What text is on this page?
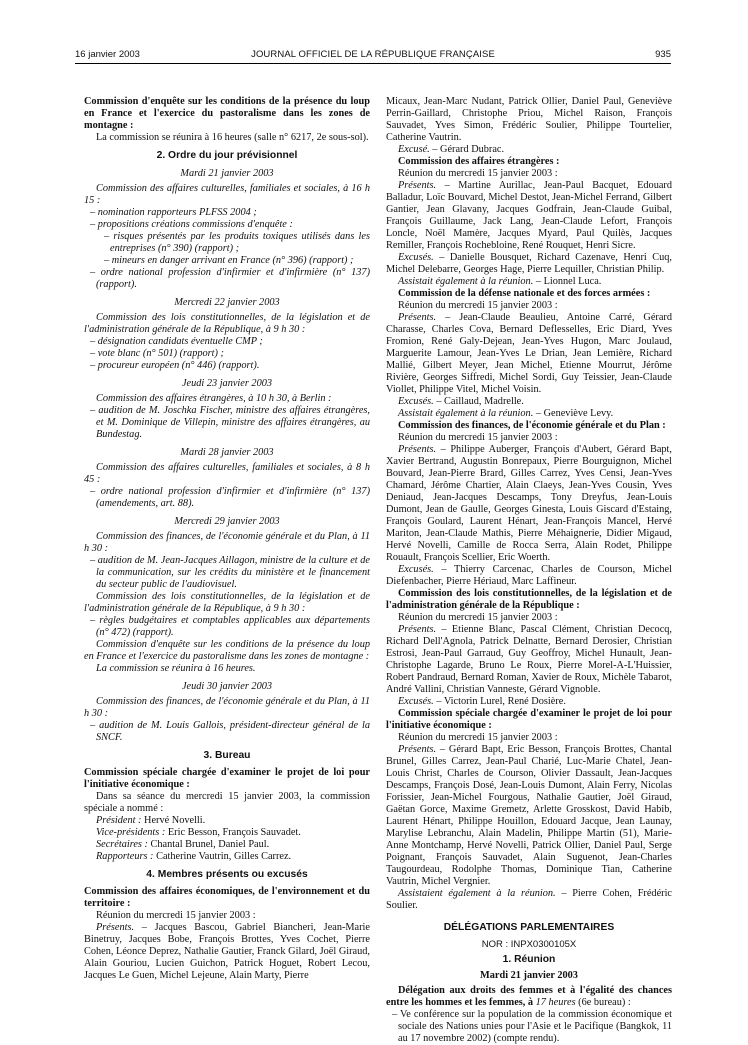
16 janvier 2003	JOURNAL OFFICIEL DE LA RÉPUBLIQUE FRANÇAISE	935

Commission d'enquête sur les conditions de la présence du loup en France et l'exercice du pastoralisme dans les zones de montagne :

La commission se réunira à 16 heures (salle n° 6217, 2e sous-sol).

2. Ordre du jour prévisionnel

Mardi 21 janvier 2003

Commission des affaires culturelles, familiales et sociales, à 16 h 15 :

– nomination rapporteurs PLFSS 2004 ;

– propositions créations commissions d'enquête :

– risques présentés par les produits toxiques utilisés dans les entreprises (n° 390) (rapport) ;

– mineurs en danger arrivant en France (n° 396) (rapport) ;

– ordre national profession d'infirmier et d'infirmière (n° 137) (rapport).

Mercredi 22 janvier 2003

Commission des lois constitutionnelles, de la législation et de l'administration générale de la République, à 9 h 30 :

– désignation candidats éventuelle CMP ;

– vote blanc (n° 501) (rapport) ;

– procureur européen (n° 446) (rapport).

Jeudi 23 janvier 2003

Commission des affaires étrangères, à 10 h 30, à Berlin :

– audition de M. Joschka Fischer, ministre des affaires étrangères, et M. Dominique de Villepin, ministre des affaires étrangères, au Bundestag.

Mardi 28 janvier 2003

Commission des affaires culturelles, familiales et sociales, à 8 h 45 :

– ordre national profession d'infirmier et d'infirmière (n° 137) (amendements, art. 88).

Mercredi 29 janvier 2003

Commission des finances, de l'économie générale et du Plan, à 11 h 30 :

– audition de M. Jean-Jacques Aillagon, ministre de la culture et de la communication, sur les crédits du ministère et le financement du secteur public de l'audiovisuel.

Commission des lois constitutionnelles, de la législation et de l'administration générale de la République, à 9 h 30 :

– règles budgétaires et comptables applicables aux départements (n° 472) (rapport).

Commission d'enquête sur les conditions de la présence du loup en France et l'exercice du pastoralisme dans les zones de montagne :

La commission se réunira à 16 heures.

Jeudi 30 janvier 2003

Commission des finances, de l'économie générale et du Plan, à 11 h 30 :

– audition de M. Louis Gallois, président-directeur général de la SNCF.

3. Bureau

Commission spéciale chargée d'examiner le projet de loi pour l'initiative économique :

Dans sa séance du mercredi 15 janvier 2003, la commission spéciale a nommé :

Président : Hervé Novelli.

Vice-présidents : Eric Besson, François Sauvadet.

Secrétaires : Chantal Brunel, Daniel Paul.

Rapporteurs : Catherine Vautrin, Gilles Carrez.

4. Membres présents ou excusés

Commission des affaires économiques, de l'environnement et du territoire :

Réunion du mercredi 15 janvier 2003 :

Présents. – Jacques Bascou, Gabriel Biancheri, Jean-Marie Binetruy, Jacques Bobe, François Brottes, Yves Cochet, Pierre Cohen, Léonce Deprez, Nathalie Gautier, Franck Gilard, Joël Giraud, Alain Gouriou, Lucien Guichon, Patrick Hoguet, Robert Lecou, Jacques Le Guen, Michel Lejeune, Alain Marty, Pierre

Micaux, Jean-Marc Nudant, Patrick Ollier, Daniel Paul, Geneviève Perrin-Gaillard, Christophe Priou, Michel Raison, François Sauvadet, Yves Simon, Frédéric Soulier, Philippe Tourtelier, Catherine Vautrin.

Excusé. – Gérard Dubrac.

Commission des affaires étrangères :

Réunion du mercredi 15 janvier 2003 :

Présents. – Martine Aurillac, Jean-Paul Bacquet, Edouard Balladur, Loïc Bouvard, Michel Destot, Jean-Michel Ferrand, Gilbert Gantier, Jean Glavany, Jacques Godfrain, Jean-Claude Guibal, François Guillaume, Jack Lang, Jean-Claude Lefort, François Loncle, Noël Mamère, Jacques Myard, Paul Quilès, Jacques Remiller, François Rochebloine, René Rouquet, Henri Sicre.

Excusés. – Danielle Bousquet, Richard Cazenave, Henri Cuq, Michel Delebarre, Georges Hage, Pierre Lequiller, Christian Philip.

Assistait également à la réunion. – Lionnel Luca.

Commission de la défense nationale et des forces armées :

Réunion du mercredi 15 janvier 2003 :

Présents. – Jean-Claude Beaulieu, Antoine Carré, Gérard Charasse, Charles Cova, Bernard Deflesselles, Eric Diard, Yves Fromion, René Galy-Dejean, Jean-Yves Hugon, Marc Joulaud, Marguerite Lamour, Jean-Yves Le Drian, Jean Lemière, Richard Mallié, Gilbert Meyer, Jean Michel, Etienne Mourrut, Jérôme Rivière, Georges Siffredi, Michel Sordi, Guy Teissier, Jean-Claude Viollet, Philippe Vitel, Michel Voisin.

Excusés. – Caillaud, Madrelle.

Assistait également à la réunion. – Geneviève Levy.

Commission des finances, de l'économie générale et du Plan :

Réunion du mercredi 15 janvier 2003 :

Présents. – Philippe Auberger, François d'Aubert, Gérard Bapt, Xavier Bertrand, Augustin Bonrepaux, Pierre Bourguignon, Michel Bouvard, Jean-Pierre Brard, Gilles Carrez, Yves Censi, Jean-Yves Chamard, Jérôme Chartier, Alain Claeys, Jean-Yves Cousin, Yves Deniaud, Jean-Jacques Descamps, Tony Dreyfus, Jean-Louis Dumont, Jean de Gaulle, Georges Ginesta, Louis Giscard d'Estaing, François Goulard, Laurent Hénart, Jean-François Mancel, Hervé Mariton, Jean-Claude Mathis, Pierre Méhaignerie, Didier Migaud, Hervé Novelli, Camille de Rocca Serra, Alain Rodet, Philippe Rouault, François Scellier, Eric Woerth.

Excusés. – Thierry Carcenac, Charles de Courson, Michel Diefenbacher, Pierre Hériaud, Marc Laffineur.

Commission des lois constitutionnelles, de la législation et de l'administration générale de la République :

Réunion du mercredi 15 janvier 2003 :

Présents. – Etienne Blanc, Pascal Clément, Christian Decocq, Richard Dell'Agnola, Patrick Delnatte, Bernard Derosier, Christian Estrosi, Jean-Paul Garraud, Guy Geoffroy, Michel Hunault, Jean-Christophe Lagarde, Bruno Le Roux, Pierre Morel-A-L'Huissier, Robert Pandraud, Bernard Roman, Xavier de Roux, Michèle Tabarot, André Vallini, Christian Vanneste, Gérard Vignoble.

Excusés. – Victorin Lurel, René Dosière.

Commission spéciale chargée d'examiner le projet de loi pour l'initiative économique :

Réunion du mercredi 15 janvier 2003 :

Présents. – Gérard Bapt, Eric Besson, François Brottes, Chantal Brunel, Gilles Carrez, Jean-Paul Charié, Luc-Marie Chatel, Jean-Louis Christ, Charles de Courson, Olivier Dassault, Jean-Jacques Descamps, François Dosé, Jean-Louis Dumont, Alain Ferry, Nicolas Forissier, Jean-Michel Fourgous, Nathalie Gautier, Joël Giraud, Gaëtan Gorce, Maxime Gremetz, Arlette Grosskost, David Habib, Laurent Hénart, Philippe Houillon, Edouard Jacque, Jean Launay, Marylise Lebranchu, Alain Madelin, Philippe Martin (51), Marie-Anne Montchamp, Hervé Novelli, Patrick Ollier, Daniel Paul, Serge Poignant, François Sauvadet, Alain Suguenot, Jean-Charles Taugourdeau, Rodolphe Thomas, Dominique Tian, Catherine Vautrin, Michel Vergnier.

Assistaient également à la réunion. – Pierre Cohen, Frédéric Soulier.

DÉLÉGATIONS PARLEMENTAIRES

NOR : INPX0300105X

1. Réunion

Mardi 21 janvier 2003

Délégation aux droits des femmes et à l'égalité des chances entre les hommes et les femmes, à 17 heures (6e bureau) :

– Ve conférence sur la population de la commission économique et sociale des Nations unies pour l'Asie et le Pacifique (Bangkok, 11 au 17 novembre 2002) (compte rendu).
